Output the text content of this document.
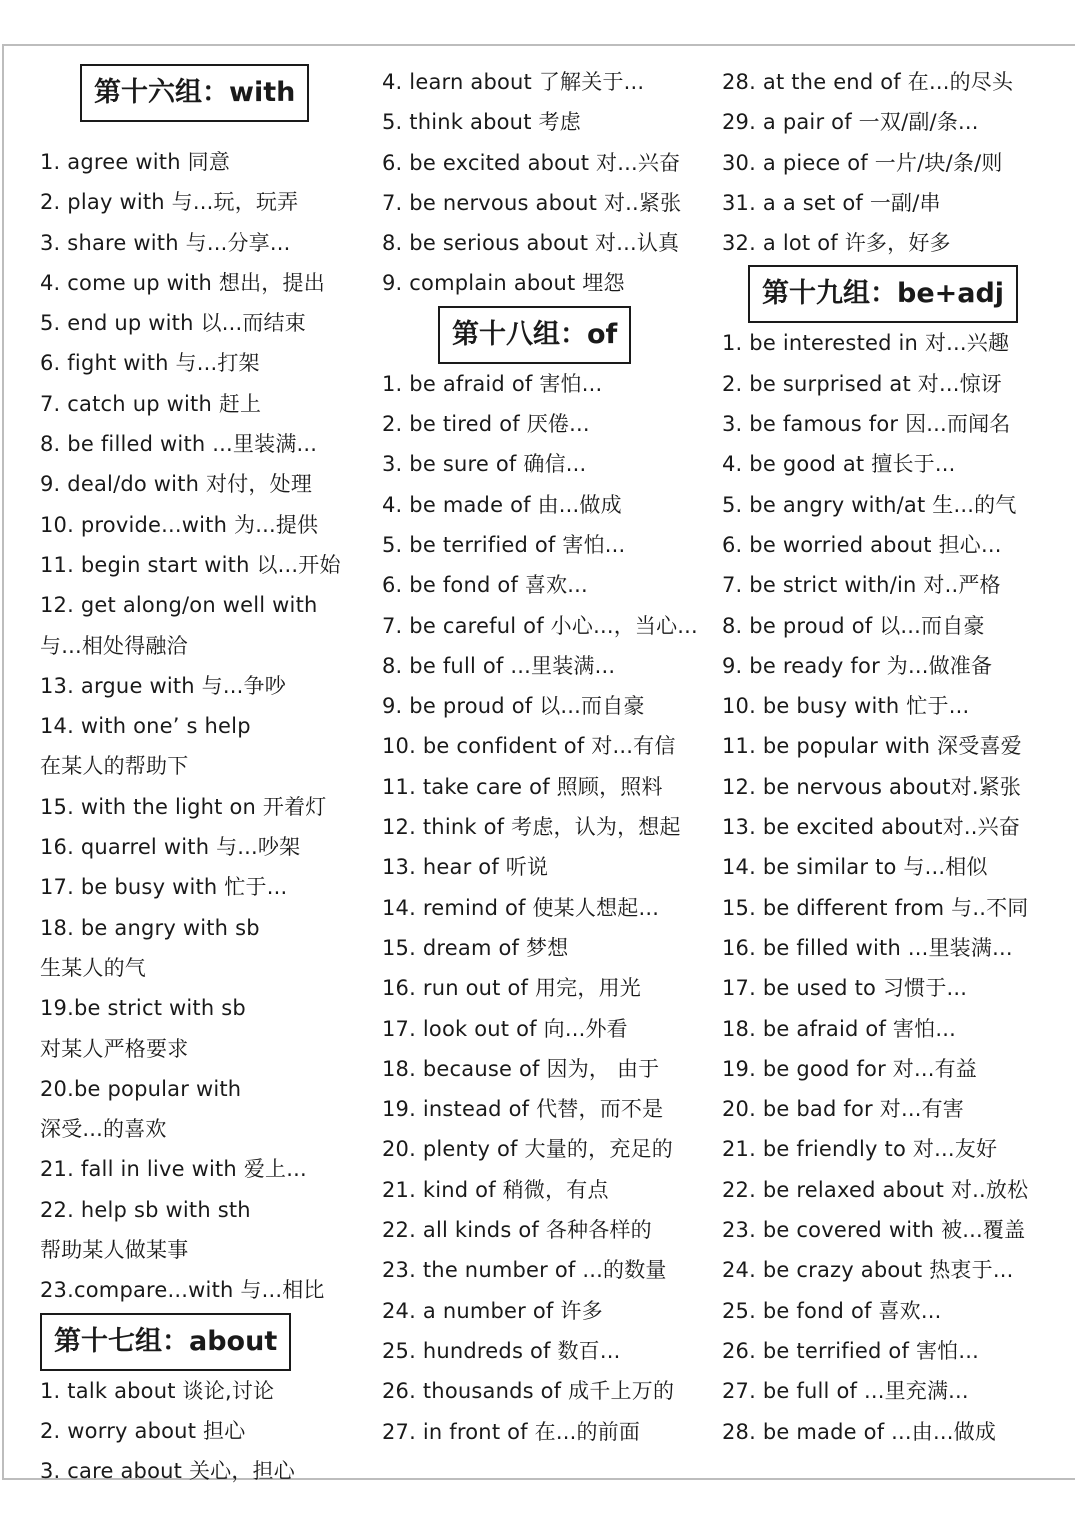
第十六组：with
1. agree with 同意
2. play with 与...玩，玩弄
3. share with 与...分享...
4. come up with 想出，提出
5. end up with 以...而结束
6. fight with 与...打架
7. catch up with 赶上
8. be filled with ...里装满...
9. deal/do with 对付，处理
10. provide...with 为...提供
11. begin start with 以...开始
12. get along/on well with
与...相处得融洽
13. argue with 与...争吵
14. with one’ s help
在某人的帮助下
15. with the light on 开着灯
16. quarrel with 与...吵架
17. be busy with 忙于...
18. be angry with sb
生某人的气
19.be strict with sb
对某人严格要求
20.be popular with
深受...的喜欢
21. fall in live with 爱上...
22. help sb with sth
帮助某人做某事
23.compare...with 与...相比
第十七组：about
1. talk about 谈论,讨论
2. worry about 担心
3. care about 关心，担心
4. learn about 了解关于...
5. think about 考虑
6. be excited about 对...兴奋
7. be nervous about 对..紧张
8. be serious about 对...认真
9. complain about 埋怨
第十八组：of
1. be afraid of 害怕...
2. be tired of 厌倦...
3. be sure of 确信...
4. be made of 由...做成
5. be terrified of 害怕...
6. be fond of 喜欢...
7. be careful of 小心...，当心...
8. be full of ...里装满...
9. be proud of 以...而自豪
10. be confident of 对...有信
11. take care of 照顾，照料
12. think of 考虑，认为，想起
13. hear of 听说
14. remind of 使某人想起...
15. dream of 梦想
16. run out of 用完，用光
17. look out of 向...外看
18. because of 因为， 由于
19. instead of 代替，而不是
20. plenty of 大量的，充足的
21. kind of 稍微，有点
22. all kinds of 各种各样的
23. the number of ...的数量
24. a number of 许多
25. hundreds of 数百...
26. thousands of 成千上万的
27. in front of 在...的前面
28. at the end of 在...的尽头
29. a pair of 一双/副/条...
30. a piece of 一片/块/条/则
31. a a set of 一副/串
32. a lot of 许多，好多
第十九组：be+adj
1. be interested in 对...兴趣
2. be surprised at 对...惊讶
3. be famous for 因...而闻名
4. be good at 擅长于...
5. be angry with/at 生...的气
6. be worried about 担心...
7. be strict with/in 对..严格
8. be proud of 以...而自豪
9. be ready for 为...做准备
10. be busy with 忙于...
11. be popular with 深受喜爱
12. be nervous about对.紧张
13. be excited about对..兴奋
14. be similar to 与...相似
15. be different from 与..不同
16. be filled with ...里装满...
17. be used to 习惯于...
18. be afraid of 害怕...
19. be good for 对...有益
20. be bad for 对...有害
21. be friendly to 对...友好
22. be relaxed about 对..放松
23. be covered with 被...覆盖
24. be crazy about 热衷于...
25. be fond of 喜欢...
26. be terrified of 害怕...
27. be full of ...里充满...
28. be made of ...由...做成
